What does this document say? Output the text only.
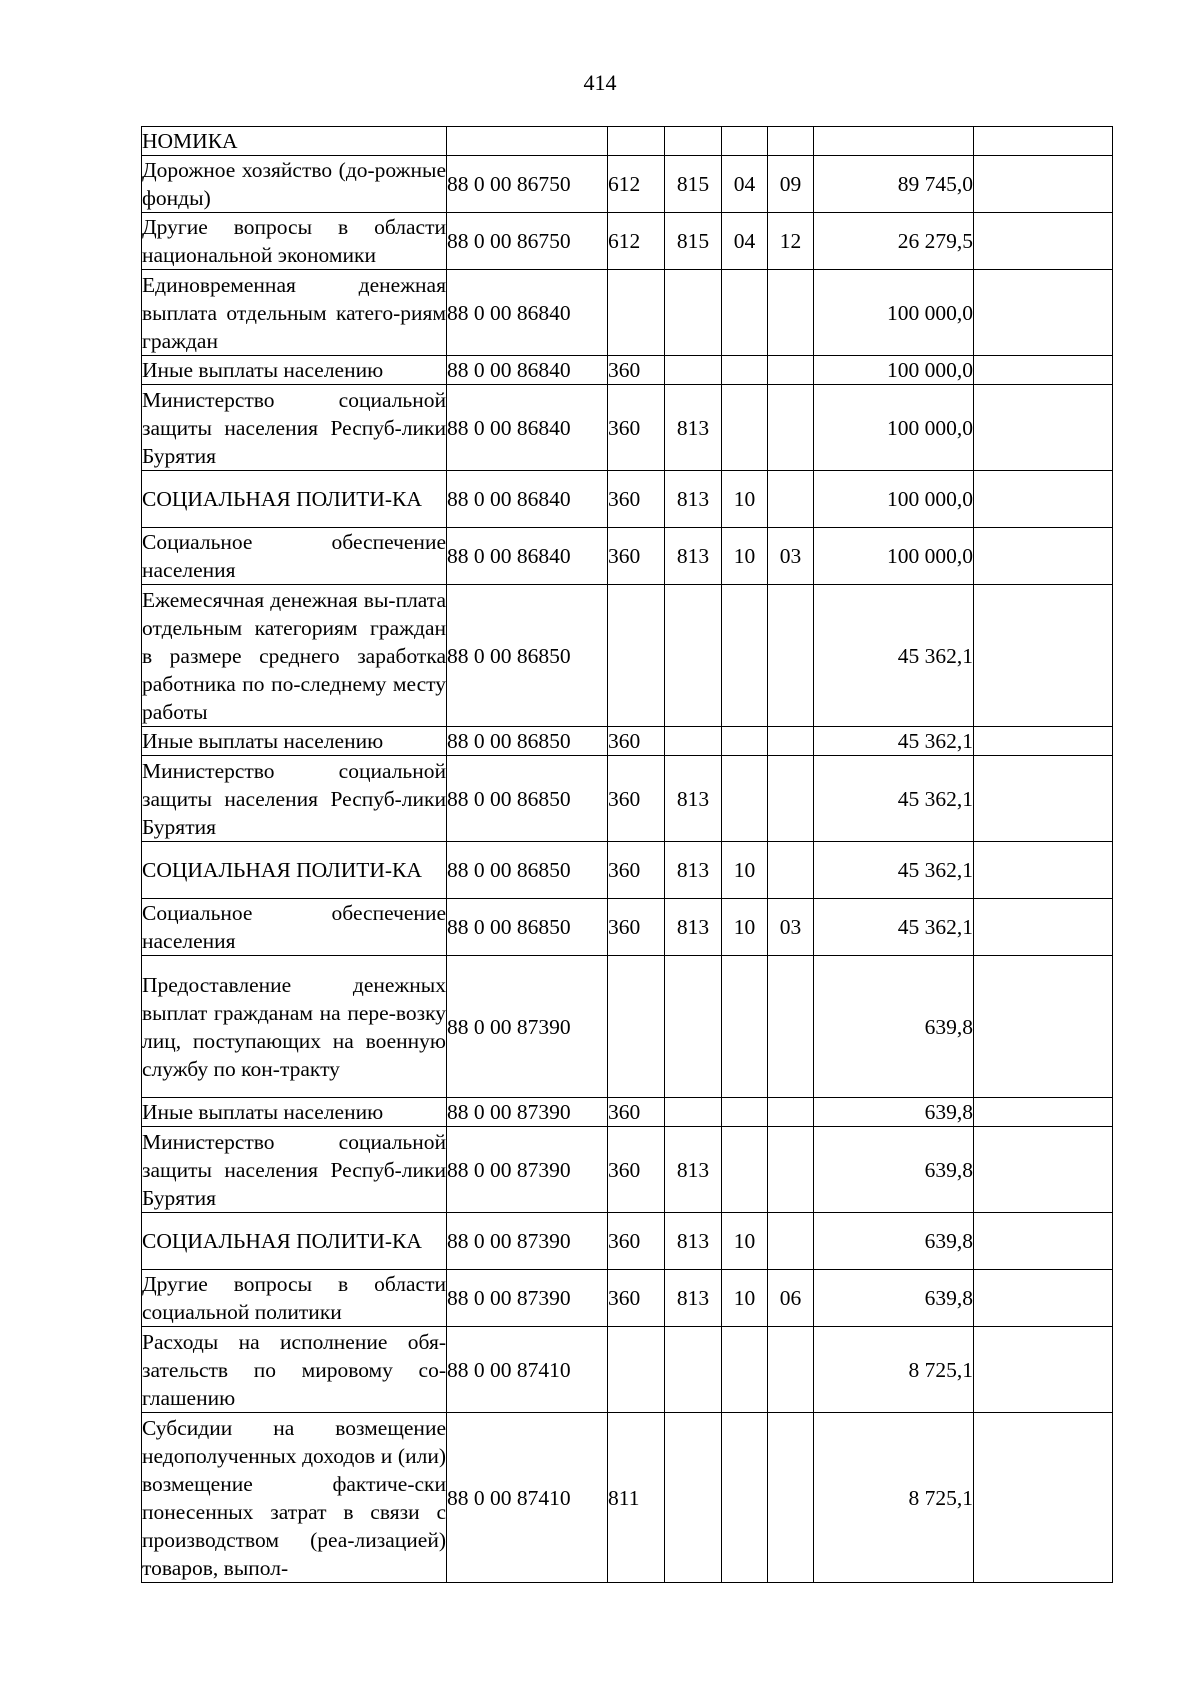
414
НОМИКА							
Дорожное хозяйство (до-рожные фонды)	88 0 00 86750	612	815	04	09	89 745,0	
Другие вопросы в области национальной экономики	88 0 00 86750	612	815	04	12	26 279,5	
Единовременная денежная выплата отдельным катего-риям граждан	88 0 00 86840					100 000,0	
Иные выплаты населению	88 0 00 86840	360				100 000,0	
Министерство социальной защиты населения Респуб-лики Бурятия	88 0 00 86840	360	813			100 000,0	
СОЦИАЛЬНАЯ ПОЛИТИ-КА	88 0 00 86840	360	813	10		100 000,0	
Социальное обеспечение населения	88 0 00 86840	360	813	10	03	100 000,0	
Ежемесячная денежная вы-плата отдельным категориям граждан в размере среднего заработка работника по по-следнему месту работы	88 0 00 86850					45 362,1	
Иные выплаты населению	88 0 00 86850	360				45 362,1	
Министерство социальной защиты населения Респуб-лики Бурятия	88 0 00 86850	360	813			45 362,1	
СОЦИАЛЬНАЯ ПОЛИТИ-КА	88 0 00 86850	360	813	10		45 362,1	
Социальное обеспечение населения	88 0 00 86850	360	813	10	03	45 362,1	
Предоставление денежных выплат гражданам на пере-возку лиц, поступающих на военную службу по кон-тракту	88 0 00 87390					639,8	
Иные выплаты населению	88 0 00 87390	360				639,8	
Министерство социальной защиты населения Респуб-лики Бурятия	88 0 00 87390	360	813			639,8	
СОЦИАЛЬНАЯ ПОЛИТИ-КА	88 0 00 87390	360	813	10		639,8	
Другие вопросы в области социальной политики	88 0 00 87390	360	813	10	06	639,8	
Расходы на исполнение обя-зательств по мировому со-глашению	88 0 00 87410					8 725,1	
Субсидии на возмещение недополученных доходов и (или) возмещение фактиче-ски понесенных затрат в связи с производством (реа-лизацией) товаров, выпол-	88 0 00 87410	811				8 725,1	
